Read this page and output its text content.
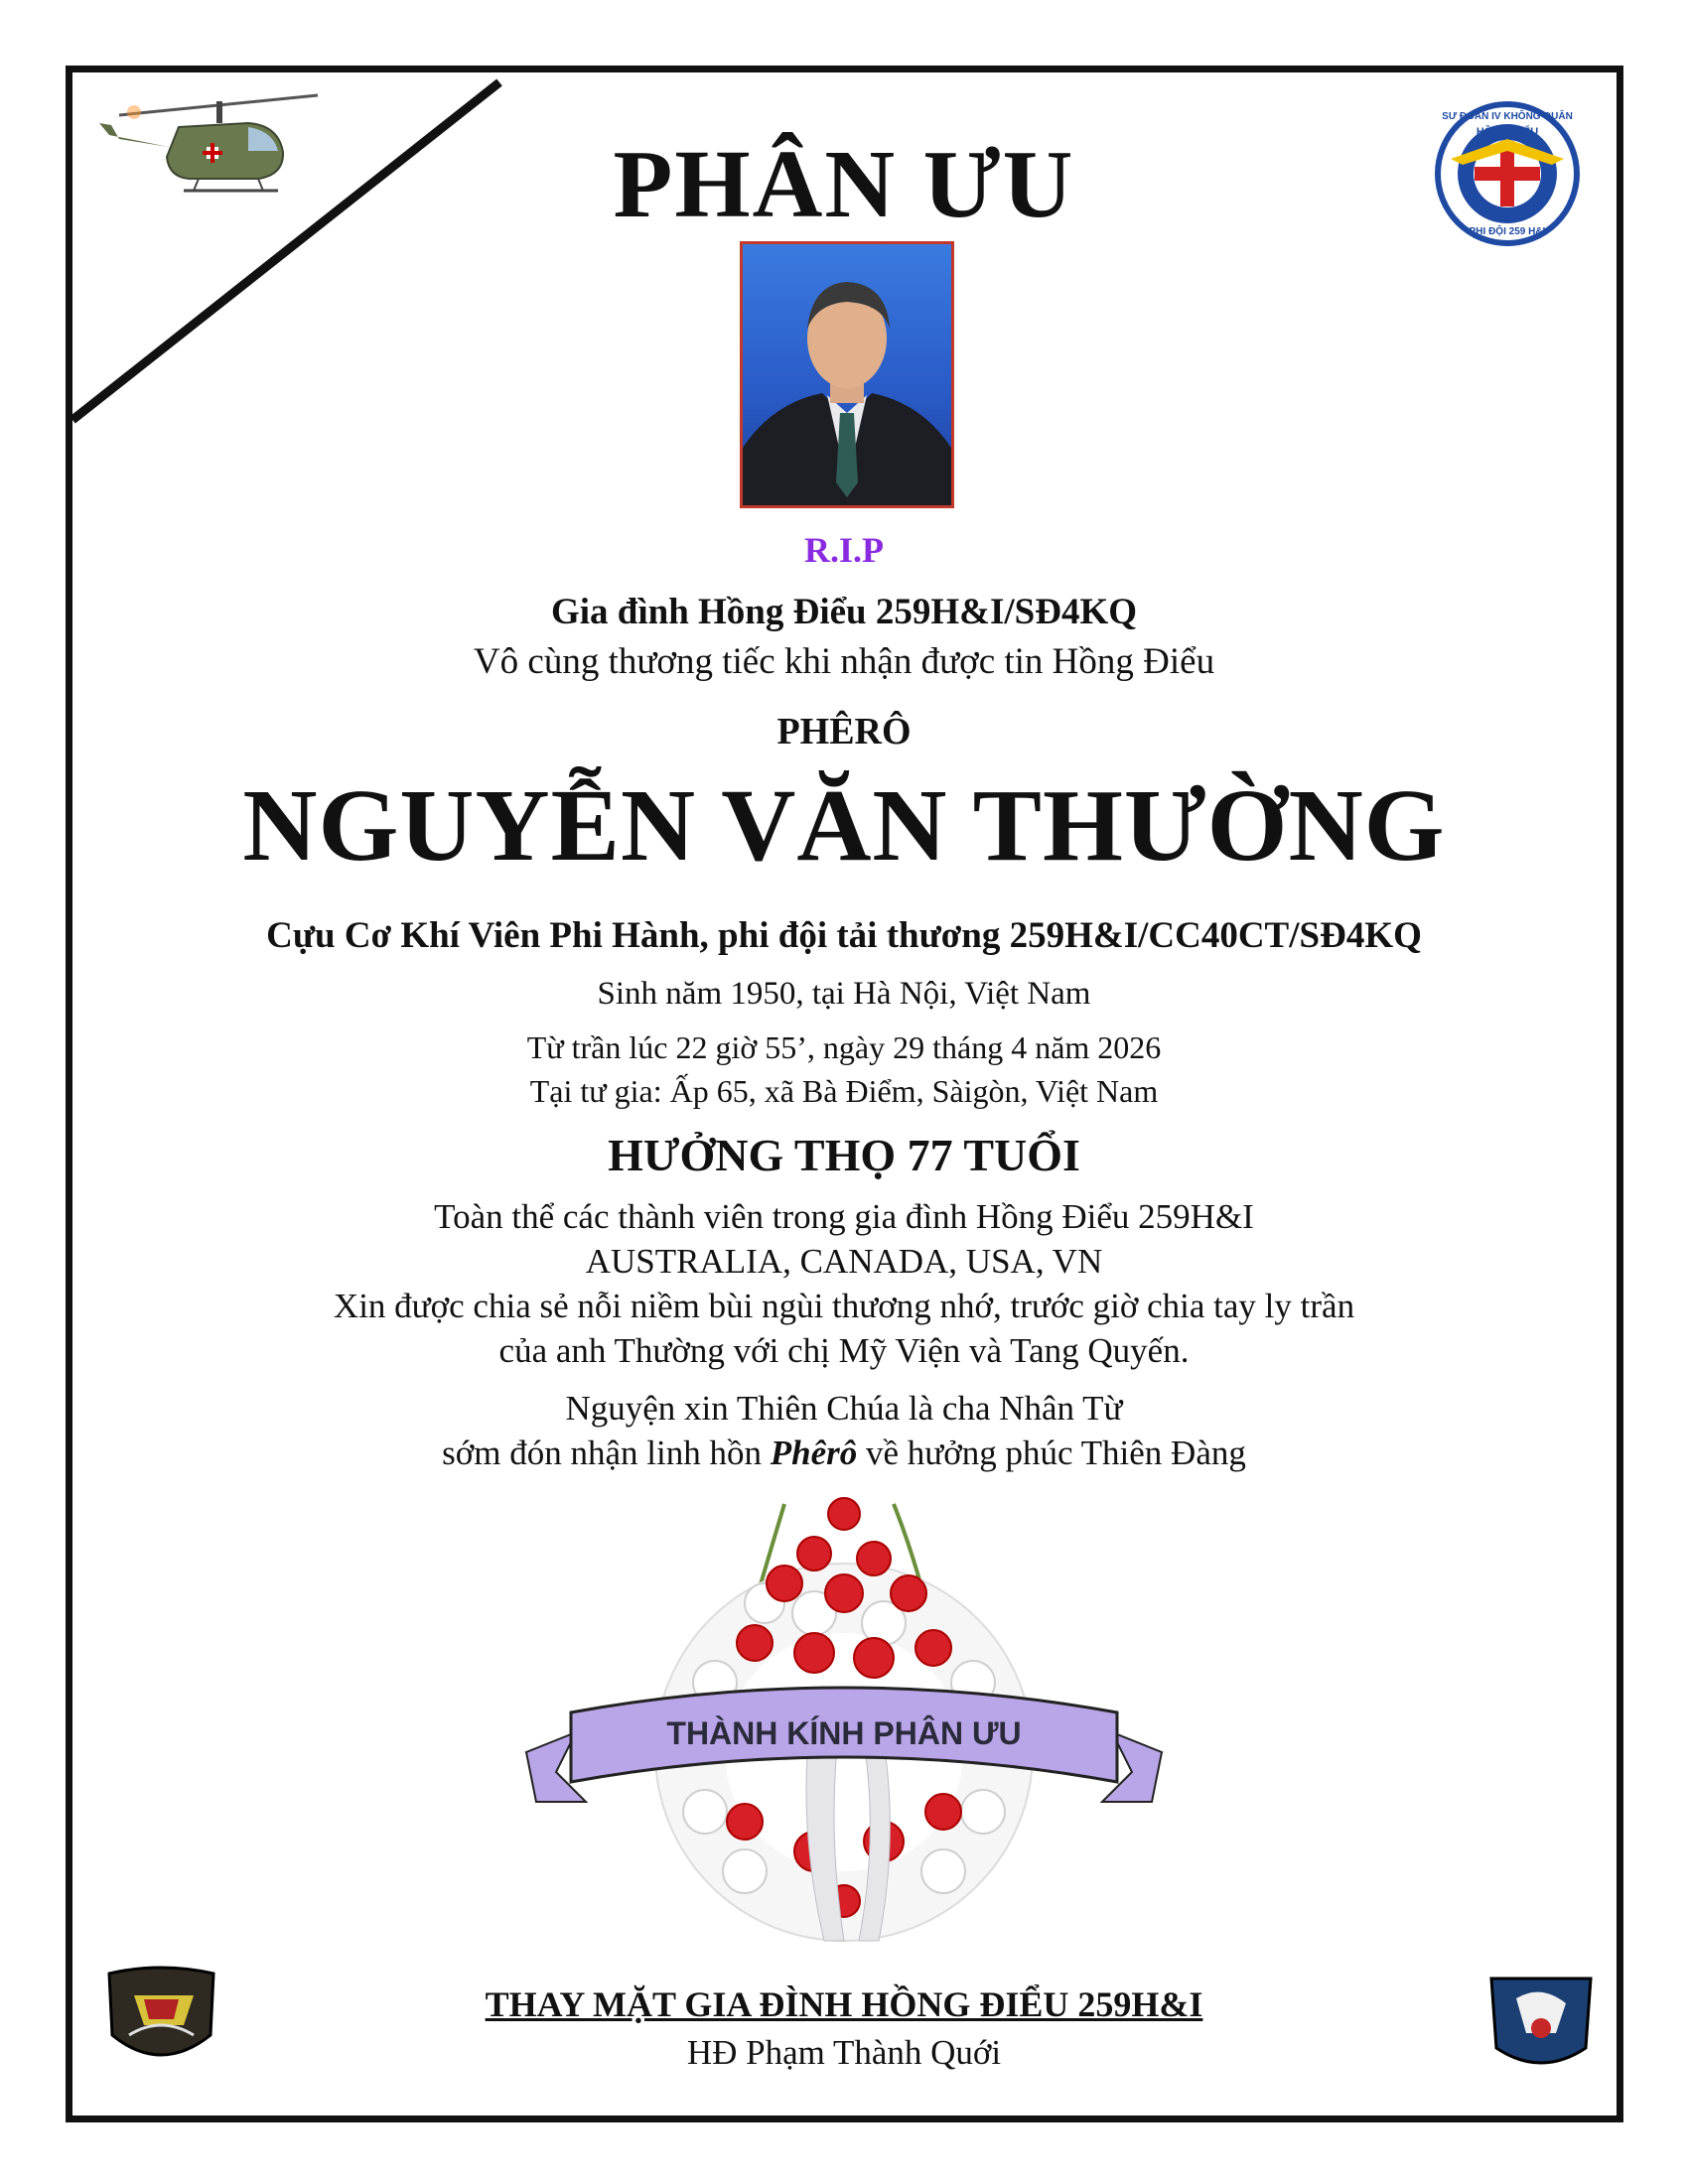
SƯ ĐOÀN IV KHÔNG QUÂN
HỒNG ĐIỂU
PHI ĐỘI 259 H&I
PHÂN ƯU
R.I.P
Gia đình Hồng Điểu 259H&I/SĐ4KQ
Vô cùng thương tiếc khi nhận được tin Hồng Điểu
PHÊRÔ
NGUYỄN VĂN THƯỜNG
Cựu Cơ Khí Viên Phi Hành, phi đội tải thương 259H&I/CC40CT/SĐ4KQ
Sinh năm 1950, tại Hà Nội, Việt Nam
Từ trần lúc 22 giờ 55’, ngày 29 tháng 4 năm 2026
Tại tư gia: Ấp 65, xã Bà Điểm, Sàigòn, Việt Nam
HƯỞNG THỌ 77 TUỔI
Toàn thể các thành viên trong gia đình Hồng Điểu 259H&I
AUSTRALIA, CANADA, USA, VN
Xin được chia sẻ nỗi niềm bùi ngùi thương nhớ, trước giờ chia tay ly trần
của anh Thường với chị Mỹ Viện và Tang Quyến.
Nguyện xin Thiên Chúa là cha Nhân Từ
sớm đón nhận linh hồn Phêrô về hưởng phúc Thiên Đàng
THÀNH KÍNH PHÂN ƯU
THAY MẶT GIA ĐÌNH HỒNG ĐIỂU 259H&I
HĐ Phạm Thành Quới
